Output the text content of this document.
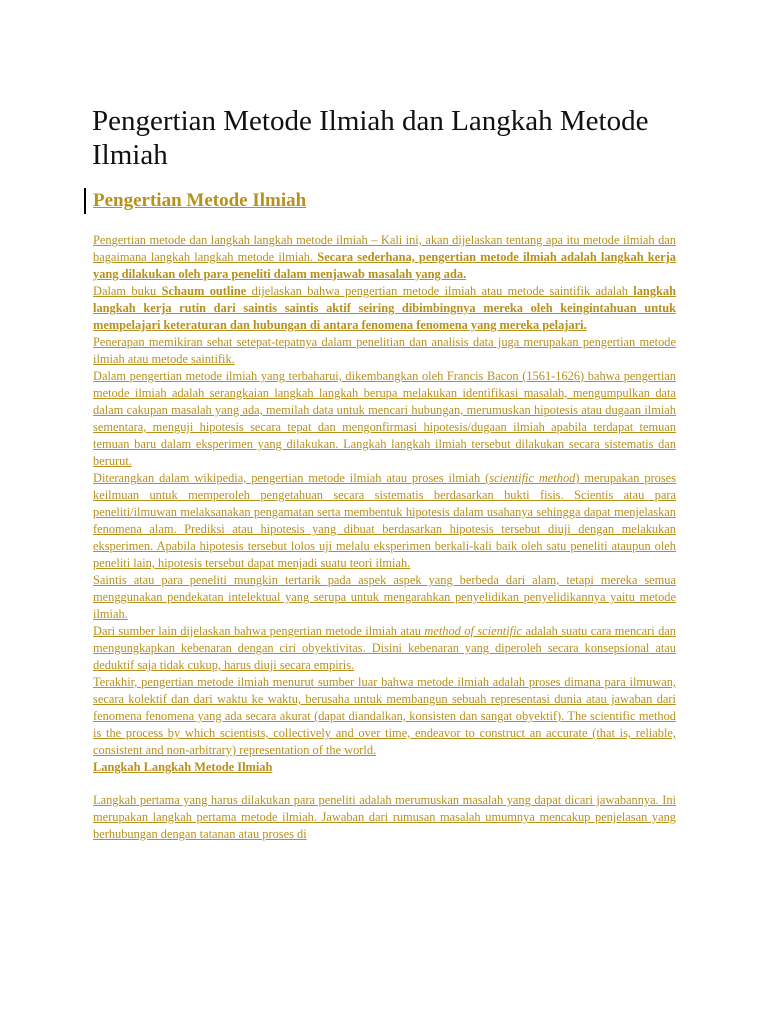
Pengertian Metode Ilmiah dan Langkah Metode Ilmiah
Pengertian Metode Ilmiah

Pengertian metode dan langkah langkah metode ilmiah – Kali ini, akan dijelaskan tentang apa itu metode ilmiah dan bagaimana langkah langkah metode ilmiah. Secara sederhana, pengertian metode ilmiah adalah langkah kerja yang dilakukan oleh para peneliti dalam menjawab masalah yang ada.

Dalam buku Schaum outline dijelaskan bahwa pengertian metode ilmiah atau metode saintifik adalah langkah langkah kerja rutin dari saintis saintis aktif seiring dibimbingnya mereka oleh keingintahuan untuk mempelajari keteraturan dan hubungan di antara fenomena fenomena yang mereka pelajari.

Penerapan memikiran sehat setepat-tepatnya dalam penelitian dan analisis data juga merupakan pengertian metode ilmiah atau metode saintifik.

Dalam pengertian metode ilmiah yang terbaharui, dikembangkan oleh Francis Bacon (1561-1626) bahwa pengertian metode ilmiah adalah serangkaian langkah langkah berupa melakukan identifikasi masalah, mengumpulkan data dalam cakupan masalah yang ada, memilah data untuk mencari hubungan, merumuskan hipotesis atau dugaan ilmiah sementara, menguji hipotesis secara tepat dan mengonfirmasi hipotesis/dugaan ilmiah apabila terdapat temuan temuan baru dalam eksperimen yang dilakukan. Langkah langkah ilmiah tersebut dilakukan secara sistematis dan berurut.

Diterangkan dalam wikipedia, pengertian metode ilmiah atau proses ilmiah (scientific method) merupakan proses keilmuan untuk memperoleh pengetahuan secara sistematis berdasarkan bukti fisis. Scientis atau para peneliti/ilmuwan melaksanakan pengamatan serta membentuk hipotesis dalam usahanya sehingga dapat menjelaskan fenomena alam. Prediksi atau hipotesis yang dibuat berdasarkan hipotesis tersebut diuji dengan melakukan eksperimen. Apabila hipotesis tersebut lolos uji melalu eksperimen berkali-kali baik oleh satu peneliti ataupun oleh peneliti lain, hipotesis tersebut dapat menjadi suatu teori ilmiah.

Saintis atau para peneliti mungkin tertarik pada aspek aspek yang berbeda dari alam, tetapi mereka semua menggunakan pendekatan intelektual yang serupa untuk mengarahkan penyelidikan penyelidikannya yaitu metode ilmiah.

Dari sumber lain dijelaskan bahwa pengertian metode ilmiah atau method of scientific adalah suatu cara mencari dan mengungkapkan kebenaran dengan ciri obyektivitas. Disini kebenaran yang diperoleh secara konsepsional atau deduktif saja tidak cukup, harus diuji secara empiris.

Terakhir, pengertian metode ilmiah menurut sumber luar bahwa metode ilmiah adalah proses dimana para ilmuwan, secara kolektif dan dari waktu ke waktu, berusaha untuk membangun sebuah representasi dunia atau jawaban dari fenomena fenomena yang ada secara akurat (dapat diandalkan, konsisten dan sangat obyektif). The scientific method is the process by which scientists, collectively and over time, endeavor to construct an accurate (that is, reliable, consistent and non-arbitrary) representation of the world.

Langkah Langkah Metode Ilmiah

Langkah pertama yang harus dilakukan para peneliti adalah merumuskan masalah yang dapat dicari jawabannya. Ini merupakan langkah pertama metode ilmiah. Jawaban dari rumusan masalah umumnya mencakup penjelasan yang berhubungan dengan tatanan atau proses di
